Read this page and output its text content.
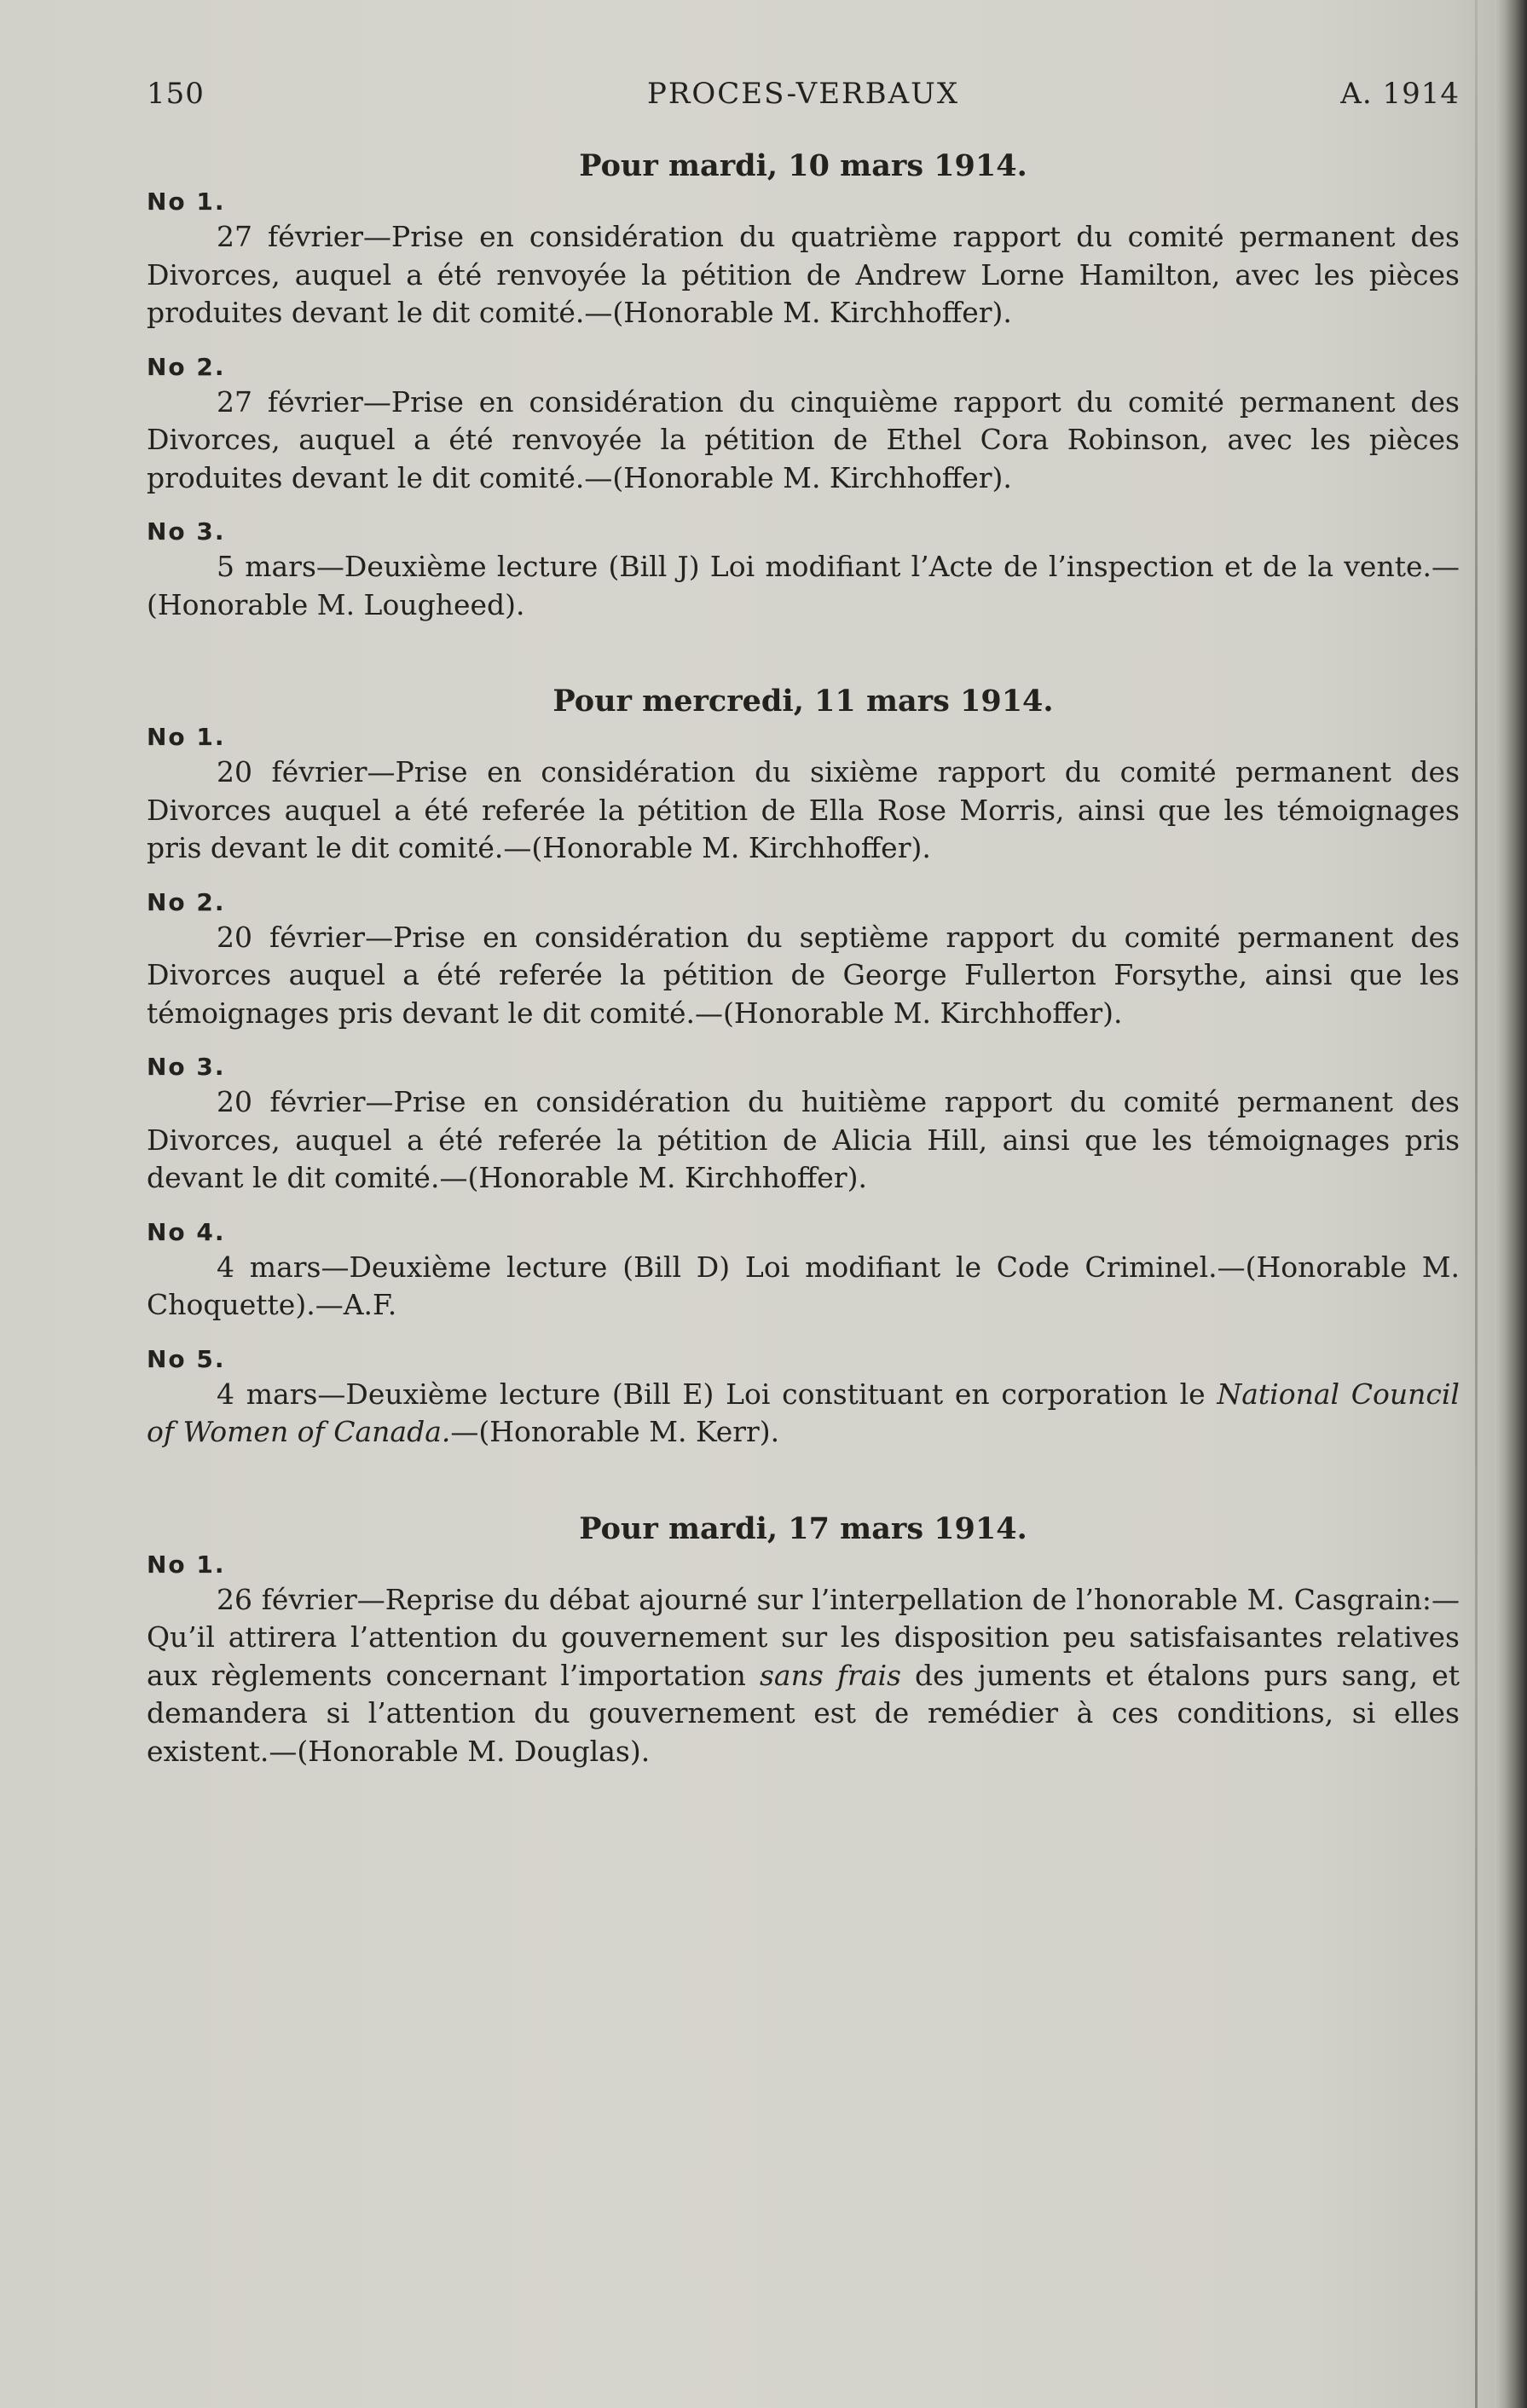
150	PROCES-VERBAUX	A. 1914
Pour mardi, 10 mars 1914.

No 1.

27 février—Prise en considération du quatrième rapport du comité permanent des Divorces, auquel a été renvoyée la pétition de Andrew Lorne Hamilton, avec les pièces produites devant le dit comité.—(Honorable M. Kirchhoffer).

No 2.

27 février—Prise en considération du cinquième rapport du comité permanent des Divorces, auquel a été renvoyée la pétition de Ethel Cora Robinson, avec les pièces produites devant le dit comité.—(Honorable M. Kirchhoffer).

No 3.

5 mars—Deuxième lecture (Bill J) Loi modifiant l’Acte de l’inspection et de la vente.—(Honorable M. Lougheed).

Pour mercredi, 11 mars 1914.

No 1.

20 février—Prise en considération du sixième rapport du comité permanent des Divorces auquel a été referée la pétition de Ella Rose Morris, ainsi que les témoignages pris devant le dit comité.—(Honorable M. Kirchhoffer).

No 2.

20 février—Prise en considération du septième rapport du comité permanent des Divorces auquel a été referée la pétition de George Fullerton Forsythe, ainsi que les témoignages pris devant le dit comité.—(Honorable M. Kirchhoffer).

No 3.

20 février—Prise en considération du huitième rapport du comité permanent des Divorces, auquel a été referée la pétition de Alicia Hill, ainsi que les témoignages pris devant le dit comité.—(Honorable M. Kirchhoffer).

No 4.

4 mars—Deuxième lecture (Bill D) Loi modifiant le Code Criminel.—(Honorable M. Choquette).—A.F.

No 5.

4 mars—Deuxième lecture (Bill E) Loi constituant en corporation le National Council of Women of Canada.—(Honorable M. Kerr).

Pour mardi, 17 mars 1914.

No 1.

26 février—Reprise du débat ajourné sur l’interpellation de l’honorable M. Casgrain:—Qu’il attirera l’attention du gouvernement sur les disposition peu satisfaisantes relatives aux règlements concernant l’importation sans frais des juments et étalons purs sang, et demandera si l’attention du gouvernement est de remédier à ces conditions, si elles existent.—(Honorable M. Douglas).
